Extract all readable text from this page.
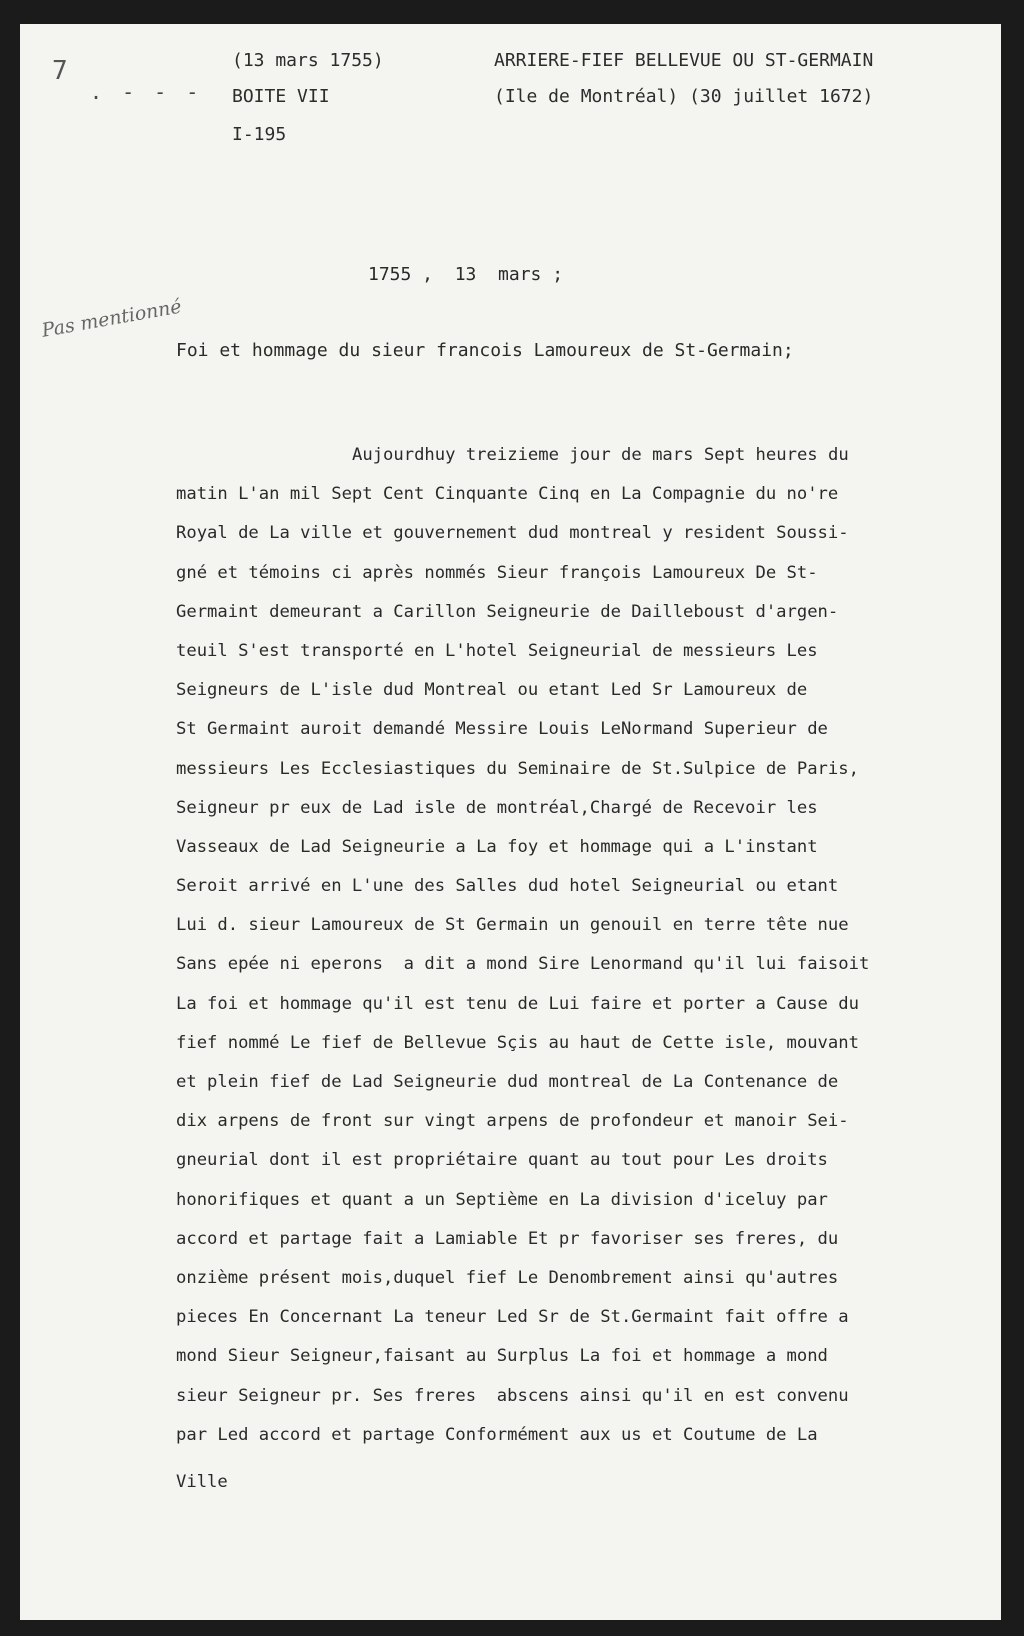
7
. - - -
(13 mars 1755)
BOITE VII
I-195
ARRIERE-FIEF BELLEVUE OU ST-GERMAIN
(Ile de Montréal) (30 juillet 1672)
1755 ,  13  mars ;
Pas mentionné
Foi et hommage du sieur francois Lamoureux de St-Germain;
Aujourdhuy treizieme jour de mars Sept heures du
matin L'an mil Sept Cent Cinquante Cinq en La Compagnie du no're
Royal de La ville et gouvernement dud montreal y resident Soussi-
gné et témoins ci après nommés Sieur françois Lamoureux De St-
Germaint demeurant a Carillon Seigneurie de Dailleboust d'argen-
teuil S'est transporté en L'hotel Seigneurial de messieurs Les
Seigneurs de L'isle dud Montreal ou etant Led Sr Lamoureux de
St Germaint auroit demandé Messire Louis LeNormand Superieur de
messieurs Les Ecclesiastiques du Seminaire de St.Sulpice de Paris,
Seigneur pr eux de Lad isle de montréal,Chargé de Recevoir les
Vasseaux de Lad Seigneurie a La foy et hommage qui a L'instant
Seroit arrivé en L'une des Salles dud hotel Seigneurial ou etant
Lui d. sieur Lamoureux de St Germain un genouil en terre tête nue
Sans epée ni eperons  a dit a mond Sire Lenormand qu'il lui faisoit
La foi et hommage qu'il est tenu de Lui faire et porter a Cause du
fief nommé Le fief de Bellevue Sçis au haut de Cette isle, mouvant
et plein fief de Lad Seigneurie dud montreal de La Contenance de
dix arpens de front sur vingt arpens de profondeur et manoir Sei-
gneurial dont il est propriétaire quant au tout pour Les droits
honorifiques et quant a un Septième en La division d'iceluy par
accord et partage fait a Lamiable Et pr favoriser ses freres, du
onzième présent mois,duquel fief Le Denombrement ainsi qu'autres
pieces En Concernant La teneur Led Sr de St.Germaint fait offre a
mond Sieur Seigneur,faisant au Surplus La foi et hommage a mond
sieur Seigneur pr. Ses freres  abscens ainsi qu'il en est convenu
par Led accord et partage Conformément aux us et Coutume de La
Ville
